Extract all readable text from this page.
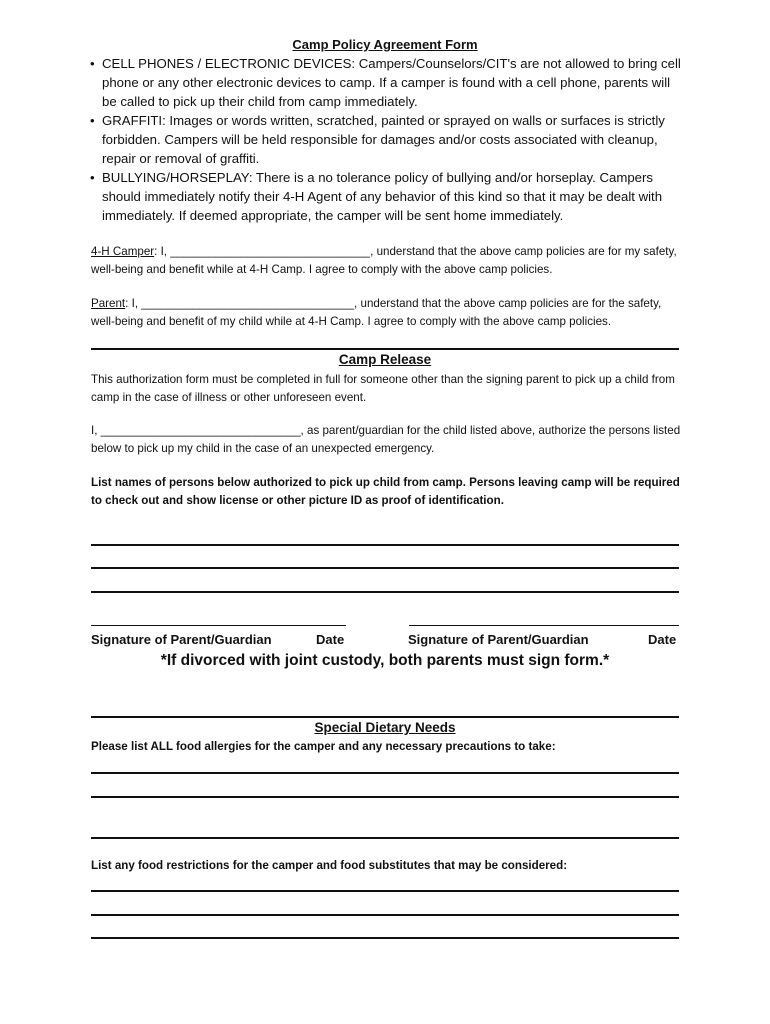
Camp Policy Agreement Form

• CELL PHONES / ELECTRONIC DEVICES: Campers/Counselors/CIT's are not allowed to bring cell phone or any other electronic devices to camp. If a camper is found with a cell phone, parents will be called to pick up their child from camp immediately.

• GRAFFITI: Images or words written, scratched, painted or sprayed on walls or surfaces is strictly forbidden. Campers will be held responsible for damages and/or costs associated with cleanup, repair or removal of graffiti.

• BULLYING/HORSEPLAY: There is a no tolerance policy of bullying and/or horseplay. Campers should immediately notify their 4-H Agent of any behavior of this kind so that it may be dealt with immediately. If deemed appropriate, the camper will be sent home immediately.

4-H Camper: I, _______________________________, understand that the above camp policies are for my safety, well-being and benefit while at 4-H Camp. I agree to comply with the above camp policies.
Parent: I, _________________________________, understand that the above camp policies are for the safety, well-being and benefit of my child while at 4-H Camp. I agree to comply with the above camp policies.
Camp Release
This authorization form must be completed in full for someone other than the signing parent to pick up a child from camp in the case of illness or other unforeseen event.
I, _______________________________, as parent/guardian for the child listed above, authorize the persons listed below to pick up my child in the case of an unexpected emergency.
List names of persons below authorized to pick up child from camp. Persons leaving camp will be required to check out and show license or other picture ID as proof of identification.
Signature of Parent/Guardian	Date	Signature of Parent/Guardian	Date
*If divorced with joint custody, both parents must sign form.*
Special Dietary Needs
Please list ALL food allergies for the camper and any necessary precautions to take:
List any food restrictions for the camper and food substitutes that may be considered:
